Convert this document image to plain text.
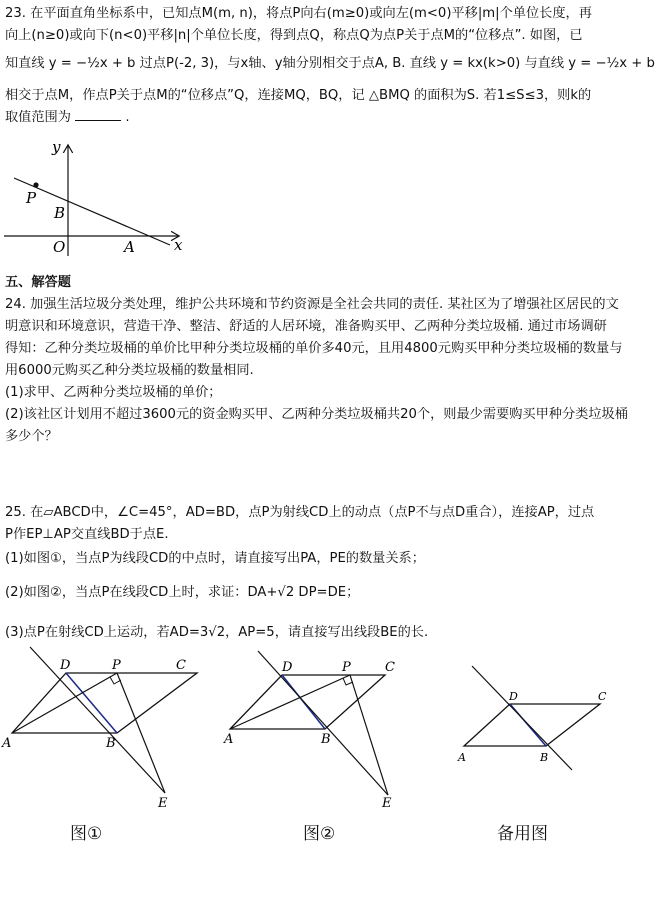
23. 在平面直角坐标系中，已知点M(m, n)，将点P向右(m≥0)或向左(m<0)平移|m|个单位长度，再
向上(n≥0)或向下(n<0)平移|n|个单位长度，得到点Q，称点Q为点P关于点M的“位移点”. 如图，已
知直线 y = −½x + b 过点P(-2, 3)，与x轴、y轴分别相交于点A, B. 直线 y = kx(k>0) 与直线 y = −½x + b
相交于点M，作点P关于点M的“位移点”Q，连接MQ，BQ，记 △BMQ 的面积为S. 若1≤S≤3，则k的
取值范围为	.
y
x
P
B
O	A
五、解答题
24. 加强生活垃圾分类处理，维护公共环境和节约资源是全社会共同的责任. 某社区为了增强社区居民的文
明意识和环境意识，营造干净、整洁、舒适的人居环境，准备购买甲、乙两种分类垃圾桶. 通过市场调研
得知：乙种分类垃圾桶的单价比甲种分类垃圾桶的单价多40元，且用4800元购买甲种分类垃圾桶的数量与
用6000元购买乙种分类垃圾桶的数量相同.
(1)求甲、乙两种分类垃圾桶的单价；
(2)该社区计划用不超过3600元的资金购买甲、乙两种分类垃圾桶共20个，则最少需要购买甲种分类垃圾桶
多少个？
25. 在▱ABCD中，∠C=45°，AD=BD，点P为射线CD上的动点（点P不与点D重合），连接AP，过点
P作EP⊥AP交直线BD于点E.
(1)如图①，当点P为线段CD的中点时，请直接写出PA，PE的数量关系；
(2)如图②，当点P在线段CD上时，求证：DA+√2 DP=DE；
(3)点P在射线CD上运动，若AD=3√2，AP=5，请直接写出线段BE的长.
A	B
C
D	P
E
A	B
C
D	P
E
A	B
C
D
图①	图②	备用图
